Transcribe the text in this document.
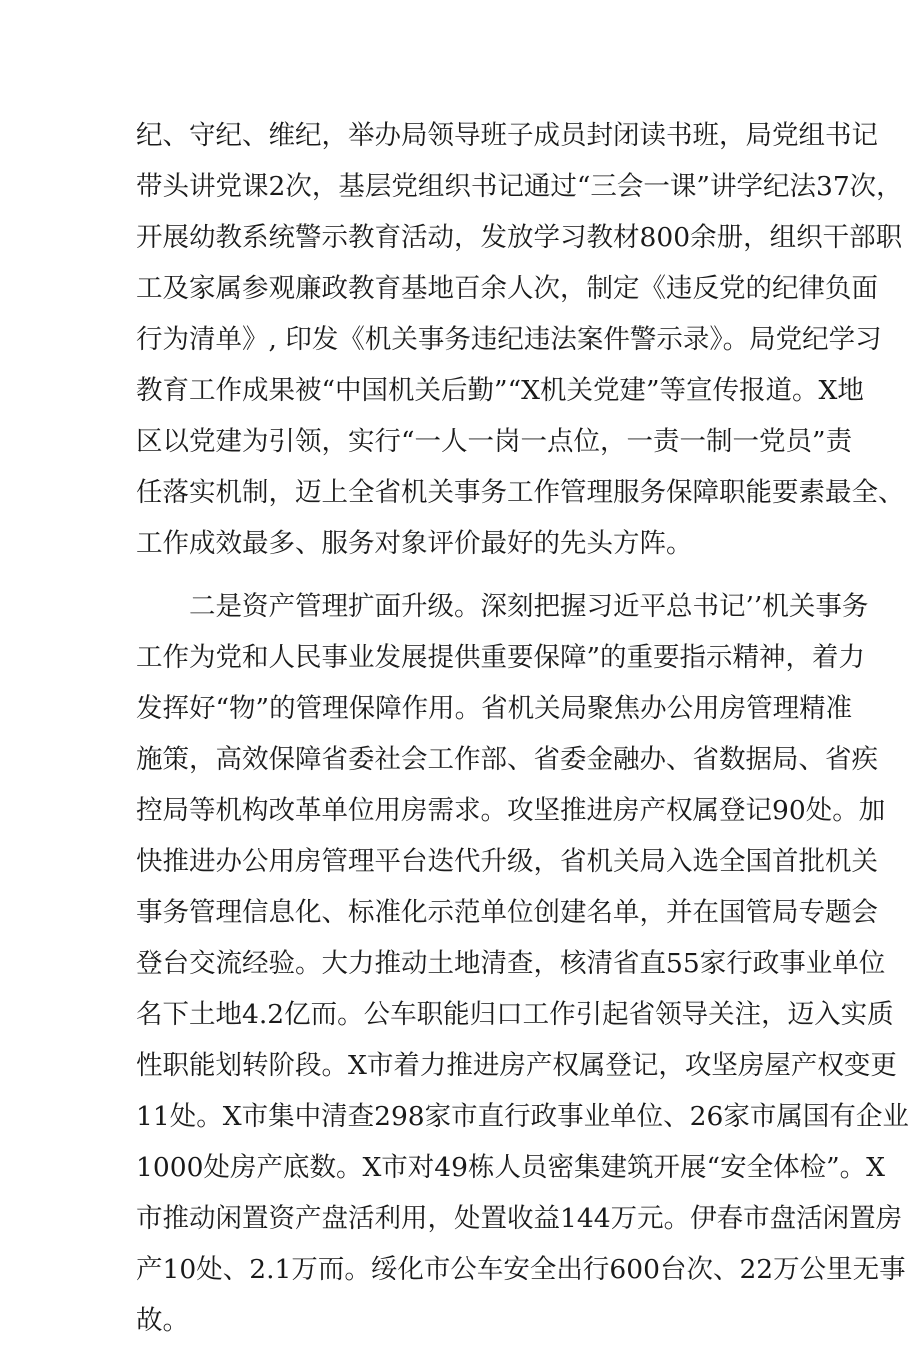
纪、守纪、维纪，举办局领导班子成员封闭读书班，局党组书记
带头讲党课2次，基层党组织书记通过“三会一课”讲学纪法37次，
开展幼教系统警示教育活动，发放学习教材800余册，组织干部职
工及家属参观廉政教育基地百余人次，制定《违反党的纪律负面
行为清单》, 印发《机关事务违纪违法案件警示录》。局党纪学习
教育工作成果被“中国机关后勤”“X机关党建”等宣传报道。X地
区以党建为引领，实行“一人一岗一点位，一责一制一党员”责
任落实机制，迈上全省机关事务工作管理服务保障职能要素最全、
工作成效最多、服务对象评价最好的先头方阵。
二是资产管理扩面升级。深刻把握习近平总书记’’机关事务
工作为党和人民事业发展提供重要保障”的重要指示精神，着力
发挥好“物”的管理保障作用。省机关局聚焦办公用房管理精准
施策，高效保障省委社会工作部、省委金融办、省数据局、省疾
控局等机构改革单位用房需求。攻坚推进房产权属登记90处。加
快推进办公用房管理平台迭代升级，省机关局入选全国首批机关
事务管理信息化、标准化示范单位创建名单，并在国管局专题会
登台交流经验。大力推动土地清查，核清省直55家行政事业单位
名下土地4.2亿而。公车职能归口工作引起省领导关注，迈入实质
性职能划转阶段。X市着力推进房产权属登记，攻坚房屋产权变更
11处。X市集中清查298家市直行政事业单位、26家市属国有企业
1000处房产底数。X市对49栋人员密集建筑开展“安全体检”。X
市推动闲置资产盘活利用，处置收益144万元。伊春市盘活闲置房
产10处、2.1万而。绥化市公车安全出行600台次、22万公里无事
故。
